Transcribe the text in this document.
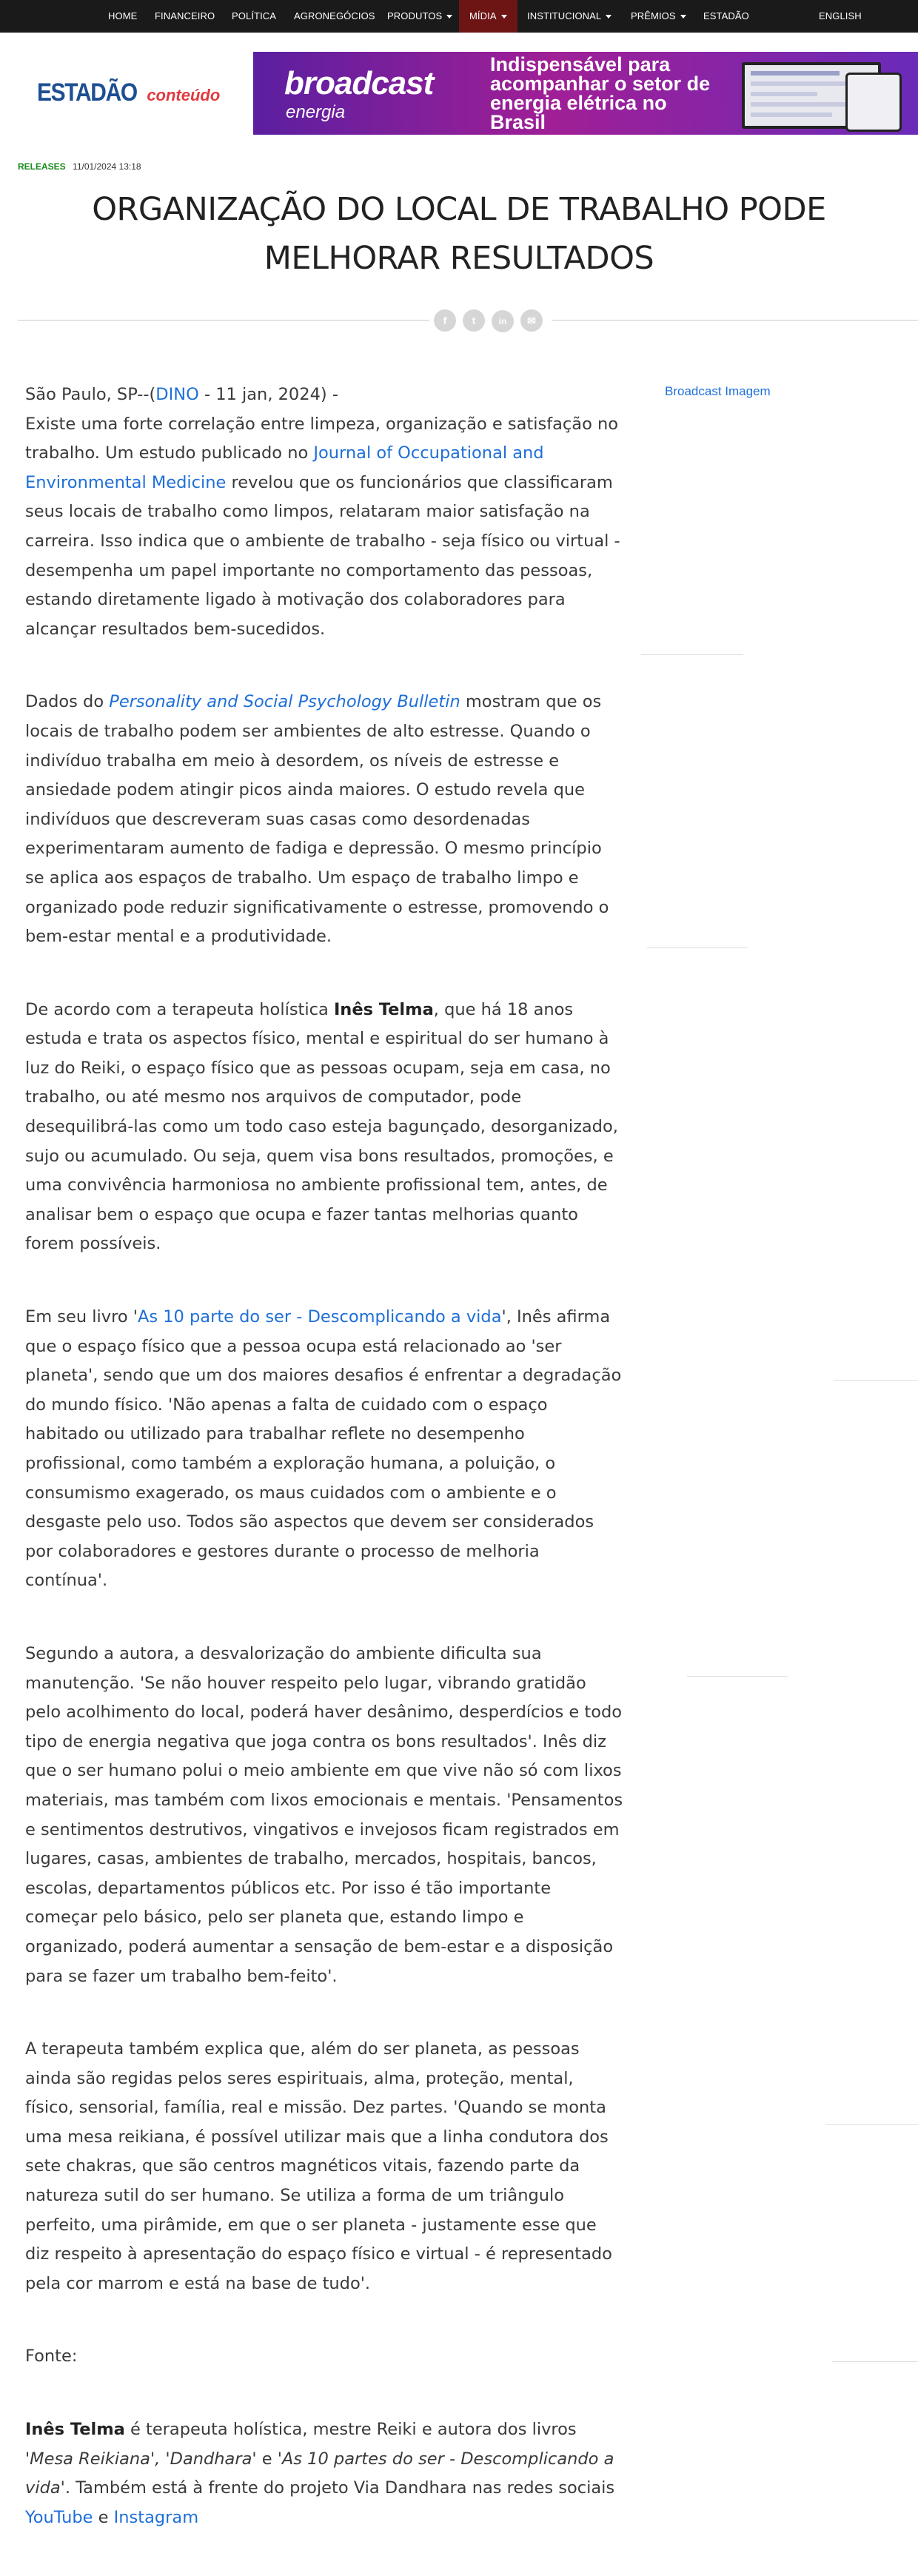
HOME FINANCEIRO POLÍTICA AGRONEGÓCIOS PRODUTOS	MÍDIA	INSTITUCIONAL	PRÊMIOS	ESTADÃO	ENGLISH
ESTADÃO conteúdo broadcast
energia
Indispensável para acompanhar o setor de energia elétrica no Brasil
RELEASES 11/01/2024 13:18
ORGANIZAÇÃO DO LOCAL DE TRABALHO PODE MELHORAR RESULTADOS
f t	in ✉
Broadcast Imagem

São Paulo, SP--(DINO - 11 jan, 2024) -
Existe uma forte correlação entre limpeza, organização e satisfação no trabalho. Um estudo publicado no Journal of Occupational and Environmental Medicine revelou que os funcionários que classificaram seus locais de trabalho como limpos, relataram maior satisfação na carreira. Isso indica que o ambiente de trabalho - seja físico ou virtual - desempenha um papel importante no comportamento das pessoas, estando diretamente ligado à motivação dos colaboradores para alcançar resultados bem-sucedidos.

Dados do Personality and Social Psychology Bulletin mostram que os locais de trabalho podem ser ambientes de alto estresse. Quando o indivíduo trabalha em meio à desordem, os níveis de estresse e ansiedade podem atingir picos ainda maiores. O estudo revela que indivíduos que descreveram suas casas como desordenadas experimentaram aumento de fadiga e depressão. O mesmo princípio se aplica aos espaços de trabalho. Um espaço de trabalho limpo e organizado pode reduzir significativamente o estresse, promovendo o bem-estar mental e a produtividade.

De acordo com a terapeuta holística Inês Telma, que há 18 anos estuda e trata os aspectos físico, mental e espiritual do ser humano à luz do Reiki, o espaço físico que as pessoas ocupam, seja em casa, no trabalho, ou até mesmo nos arquivos de computador, pode desequilibrá-las como um todo caso esteja bagunçado, desorganizado, sujo ou acumulado. Ou seja, quem visa bons resultados, promoções, e uma convivência harmoniosa no ambiente profissional tem, antes, de analisar bem o espaço que ocupa e fazer tantas melhorias quanto forem possíveis.

Em seu livro 'As 10 parte do ser - Descomplicando a vida', Inês afirma que o espaço físico que a pessoa ocupa está relacionado ao 'ser planeta', sendo que um dos maiores desafios é enfrentar a degradação do mundo físico. 'Não apenas a falta de cuidado com o espaço habitado ou utilizado para trabalhar reflete no desempenho profissional, como também a exploração humana, a poluição, o consumismo exagerado, os maus cuidados com o ambiente e o desgaste pelo uso. Todos são aspectos que devem ser considerados por colaboradores e gestores durante o processo de melhoria contínua'.

Segundo a autora, a desvalorização do ambiente dificulta sua manutenção. 'Se não houver respeito pelo lugar, vibrando gratidão pelo acolhimento do local, poderá haver desânimo, desperdícios e todo tipo de energia negativa que joga contra os bons resultados'. Inês diz que o ser humano polui o meio ambiente em que vive não só com lixos materiais, mas também com lixos emocionais e mentais. 'Pensamentos e sentimentos destrutivos, vingativos e invejosos ficam registrados em lugares, casas, ambientes de trabalho, mercados, hospitais, bancos, escolas, departamentos públicos etc. Por isso é tão importante começar pelo básico, pelo ser planeta que, estando limpo e organizado, poderá aumentar a sensação de bem-estar e a disposição para se fazer um trabalho bem-feito'.

A terapeuta também explica que, além do ser planeta, as pessoas ainda são regidas pelos seres espirituais, alma, proteção, mental, físico, sensorial, família, real e missão. Dez partes. 'Quando se monta uma mesa reikiana, é possível utilizar mais que a linha condutora dos sete chakras, que são centros magnéticos vitais, fazendo parte da natureza sutil do ser humano. Se utiliza a forma de um triângulo perfeito, uma pirâmide, em que o ser planeta - justamente esse que diz respeito à apresentação do espaço físico e virtual - é representado pela cor marrom e está na base de tudo'.

Fonte:

Inês Telma é terapeuta holística, mestre Reiki e autora dos livros 'Mesa Reikiana', 'Dandhara' e 'As 10 partes do ser - Descomplicando a vida'. Também está à frente do projeto Via Dandhara nas redes sociais
YouTube e Instagram
